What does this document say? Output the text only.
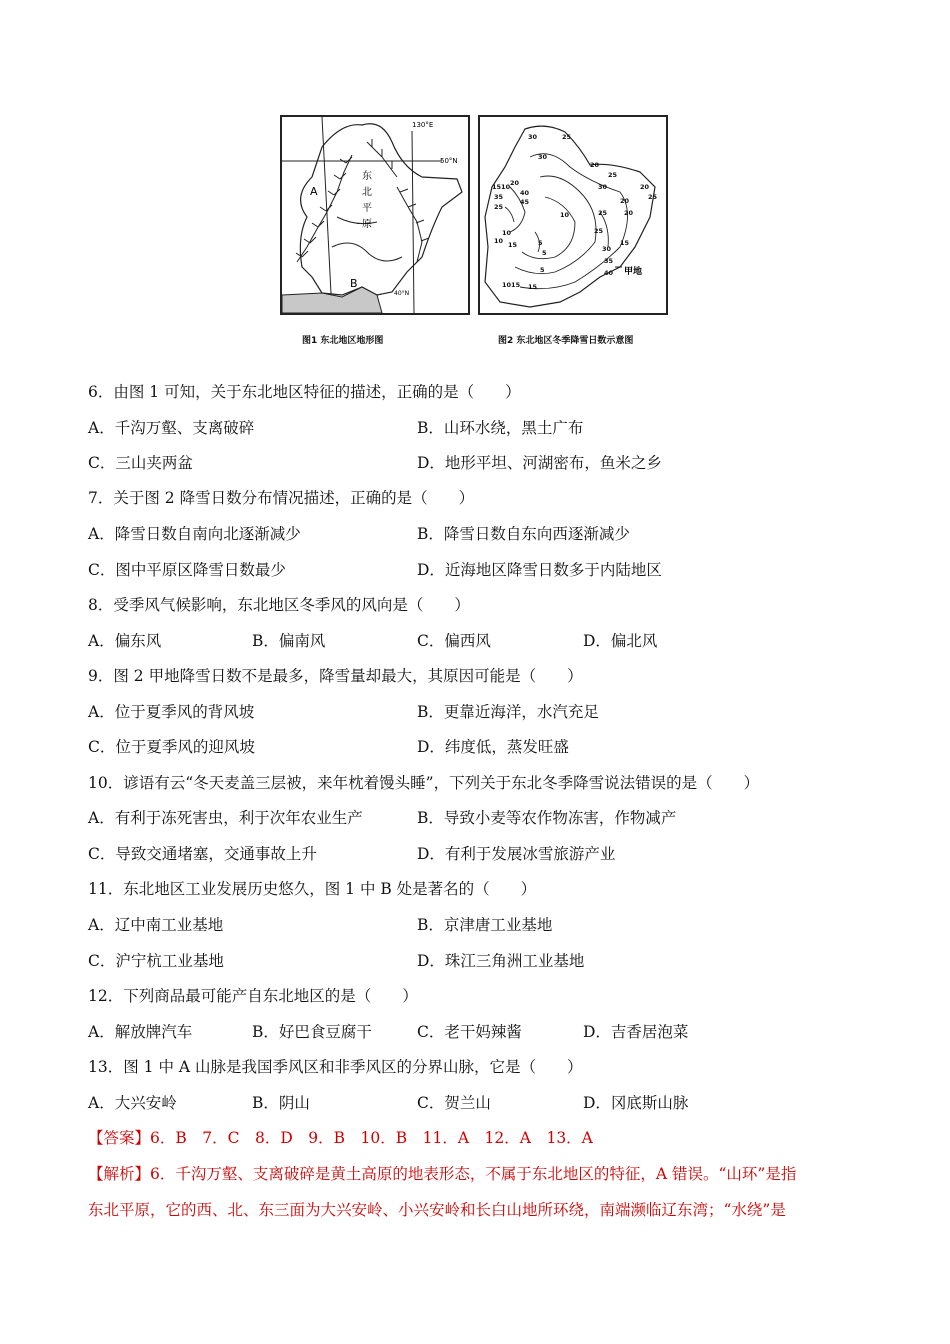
130°E
50°N
40°N
A
B
东
北
平
原
30	25
30
20
25
30	20
20	25
20
25
25
15
10
1510 20
40
45
35
25
10
15
10	5
5
35
40
5
1015
30
15
甲地
图1 东北地区地形图	图2 东北地区冬季降雪日数示意图
6．由图 1 可知，关于东北地区特征的描述，正确的是（　　）
A．千沟万壑、支离破碎	B．山环水绕，黑土广布
C．三山夹两盆	D．地形平坦、河湖密布，鱼米之乡
7．关于图 2 降雪日数分布情况描述，正确的是（　　）
A．降雪日数自南向北逐渐减少	B．降雪日数自东向西逐渐减少
C．图中平原区降雪日数最少	D．近海地区降雪日数多于内陆地区
8．受季风气候影响，东北地区冬季风的风向是（　　）
A．偏东风	B．偏南风	C．偏西风	D．偏北风
9．图 2 甲地降雪日数不是最多，降雪量却最大，其原因可能是（　　）
A．位于夏季风的背风坡	B．更靠近海洋，水汽充足
C．位于夏季风的迎风坡	D．纬度低，蒸发旺盛
10．谚语有云“冬天麦盖三层被，来年枕着馒头睡”，下列关于东北冬季降雪说法错误的是（　　）
A．有利于冻死害虫，利于次年农业生产	B．导致小麦等农作物冻害，作物减产
C．导致交通堵塞，交通事故上升	D．有利于发展冰雪旅游产业
11．东北地区工业发展历史悠久，图 1 中 B 处是著名的（　　）
A．辽中南工业基地	B．京津唐工业基地
C．沪宁杭工业基地	D．珠江三角洲工业基地
12．下列商品最可能产自东北地区的是（　　）
A．解放牌汽车	B．好巴食豆腐干	C．老干妈辣酱	D．吉香居泡菜
13．图 1 中 A 山脉是我国季风区和非季风区的分界山脉，它是（　　）
A．大兴安岭	B．阴山	C．贺兰山	D．冈底斯山脉
【答案】6．B　7．C　8．D　9．B　10．B　11．A　12．A　13．A
【解析】6．千沟万壑、支离破碎是黄土高原的地表形态，不属于东北地区的特征，A 错误。“山环”是指
东北平原，它的西、北、东三面为大兴安岭、小兴安岭和长白山地所环绕，南端濒临辽东湾；“水绕”是
